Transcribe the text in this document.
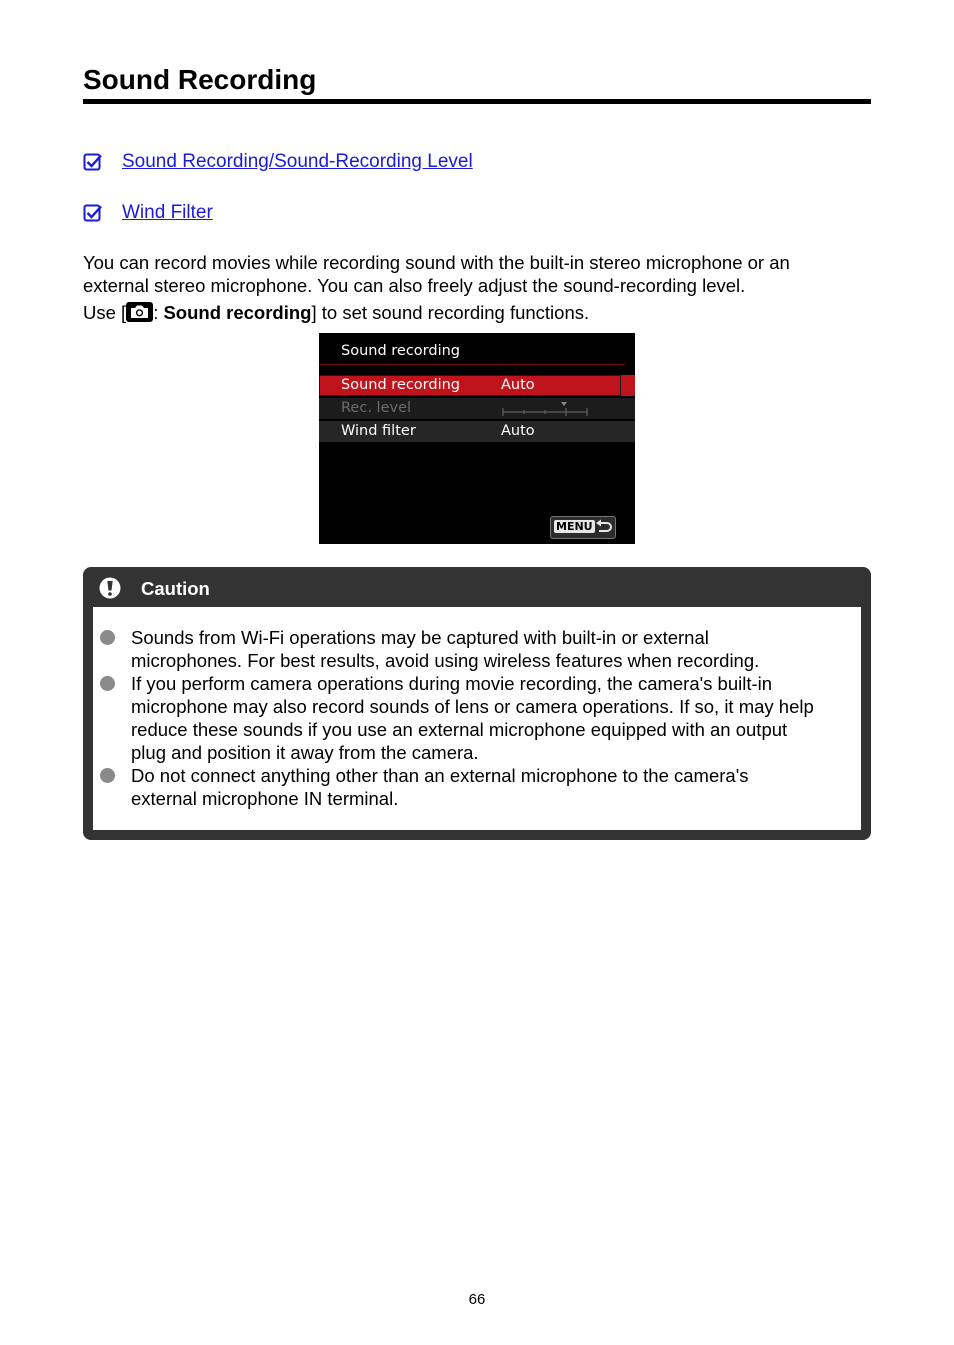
Sound Recording
Sound Recording/Sound-Recording Level
Wind Filter
You can record movies while recording sound with the built-in stereo microphone or an
external stereo microphone. You can also freely adjust the sound-recording level.
Use [ : Sound recording] to set sound recording functions.
Sound recording
Sound recording	Auto
Rec. level
Wind filter	Auto
MENU
Caution
Sounds from Wi-Fi operations may be captured with built-in or external
microphones. For best results, avoid using wireless features when recording.
If you perform camera operations during movie recording, the camera's built-in
microphone may also record sounds of lens or camera operations. If so, it may help
reduce these sounds if you use an external microphone equipped with an output
plug and position it away from the camera.
Do not connect anything other than an external microphone to the camera's
external microphone IN terminal.
66
